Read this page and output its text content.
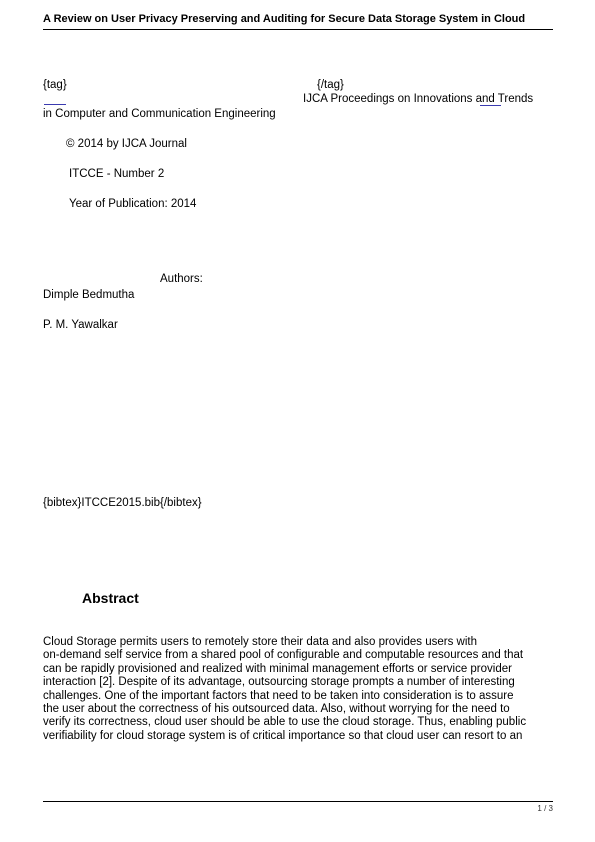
A Review on User Privacy Preserving and Auditing for Secure Data Storage System in Cloud
{tag}	{/tag}
IJCA Proceedings on Innovations and Trends
in Computer and Communication Engineering
© 2014 by IJCA Journal
ITCCE - Number 2
Year of Publication: 2014
Authors:
Dimple Bedmutha
P. M. Yawalkar
{bibtex}ITCCE2015.bib{/bibtex}
Abstract
Cloud Storage permits users to remotely store their data and also provides users with
on-demand self service from a shared pool of configurable and computable resources and that
can be rapidly provisioned and realized with minimal management efforts or service provider
interaction [2]. Despite of its advantage, outsourcing storage prompts a number of interesting
challenges. One of the important factors that need to be taken into consideration is to assure
the user about the correctness of his outsourced data. Also, without worrying for the need to
verify its correctness, cloud user should be able to use the cloud storage. Thus, enabling public
verifiability for cloud storage system is of critical importance so that cloud user can resort to an
1 / 3
